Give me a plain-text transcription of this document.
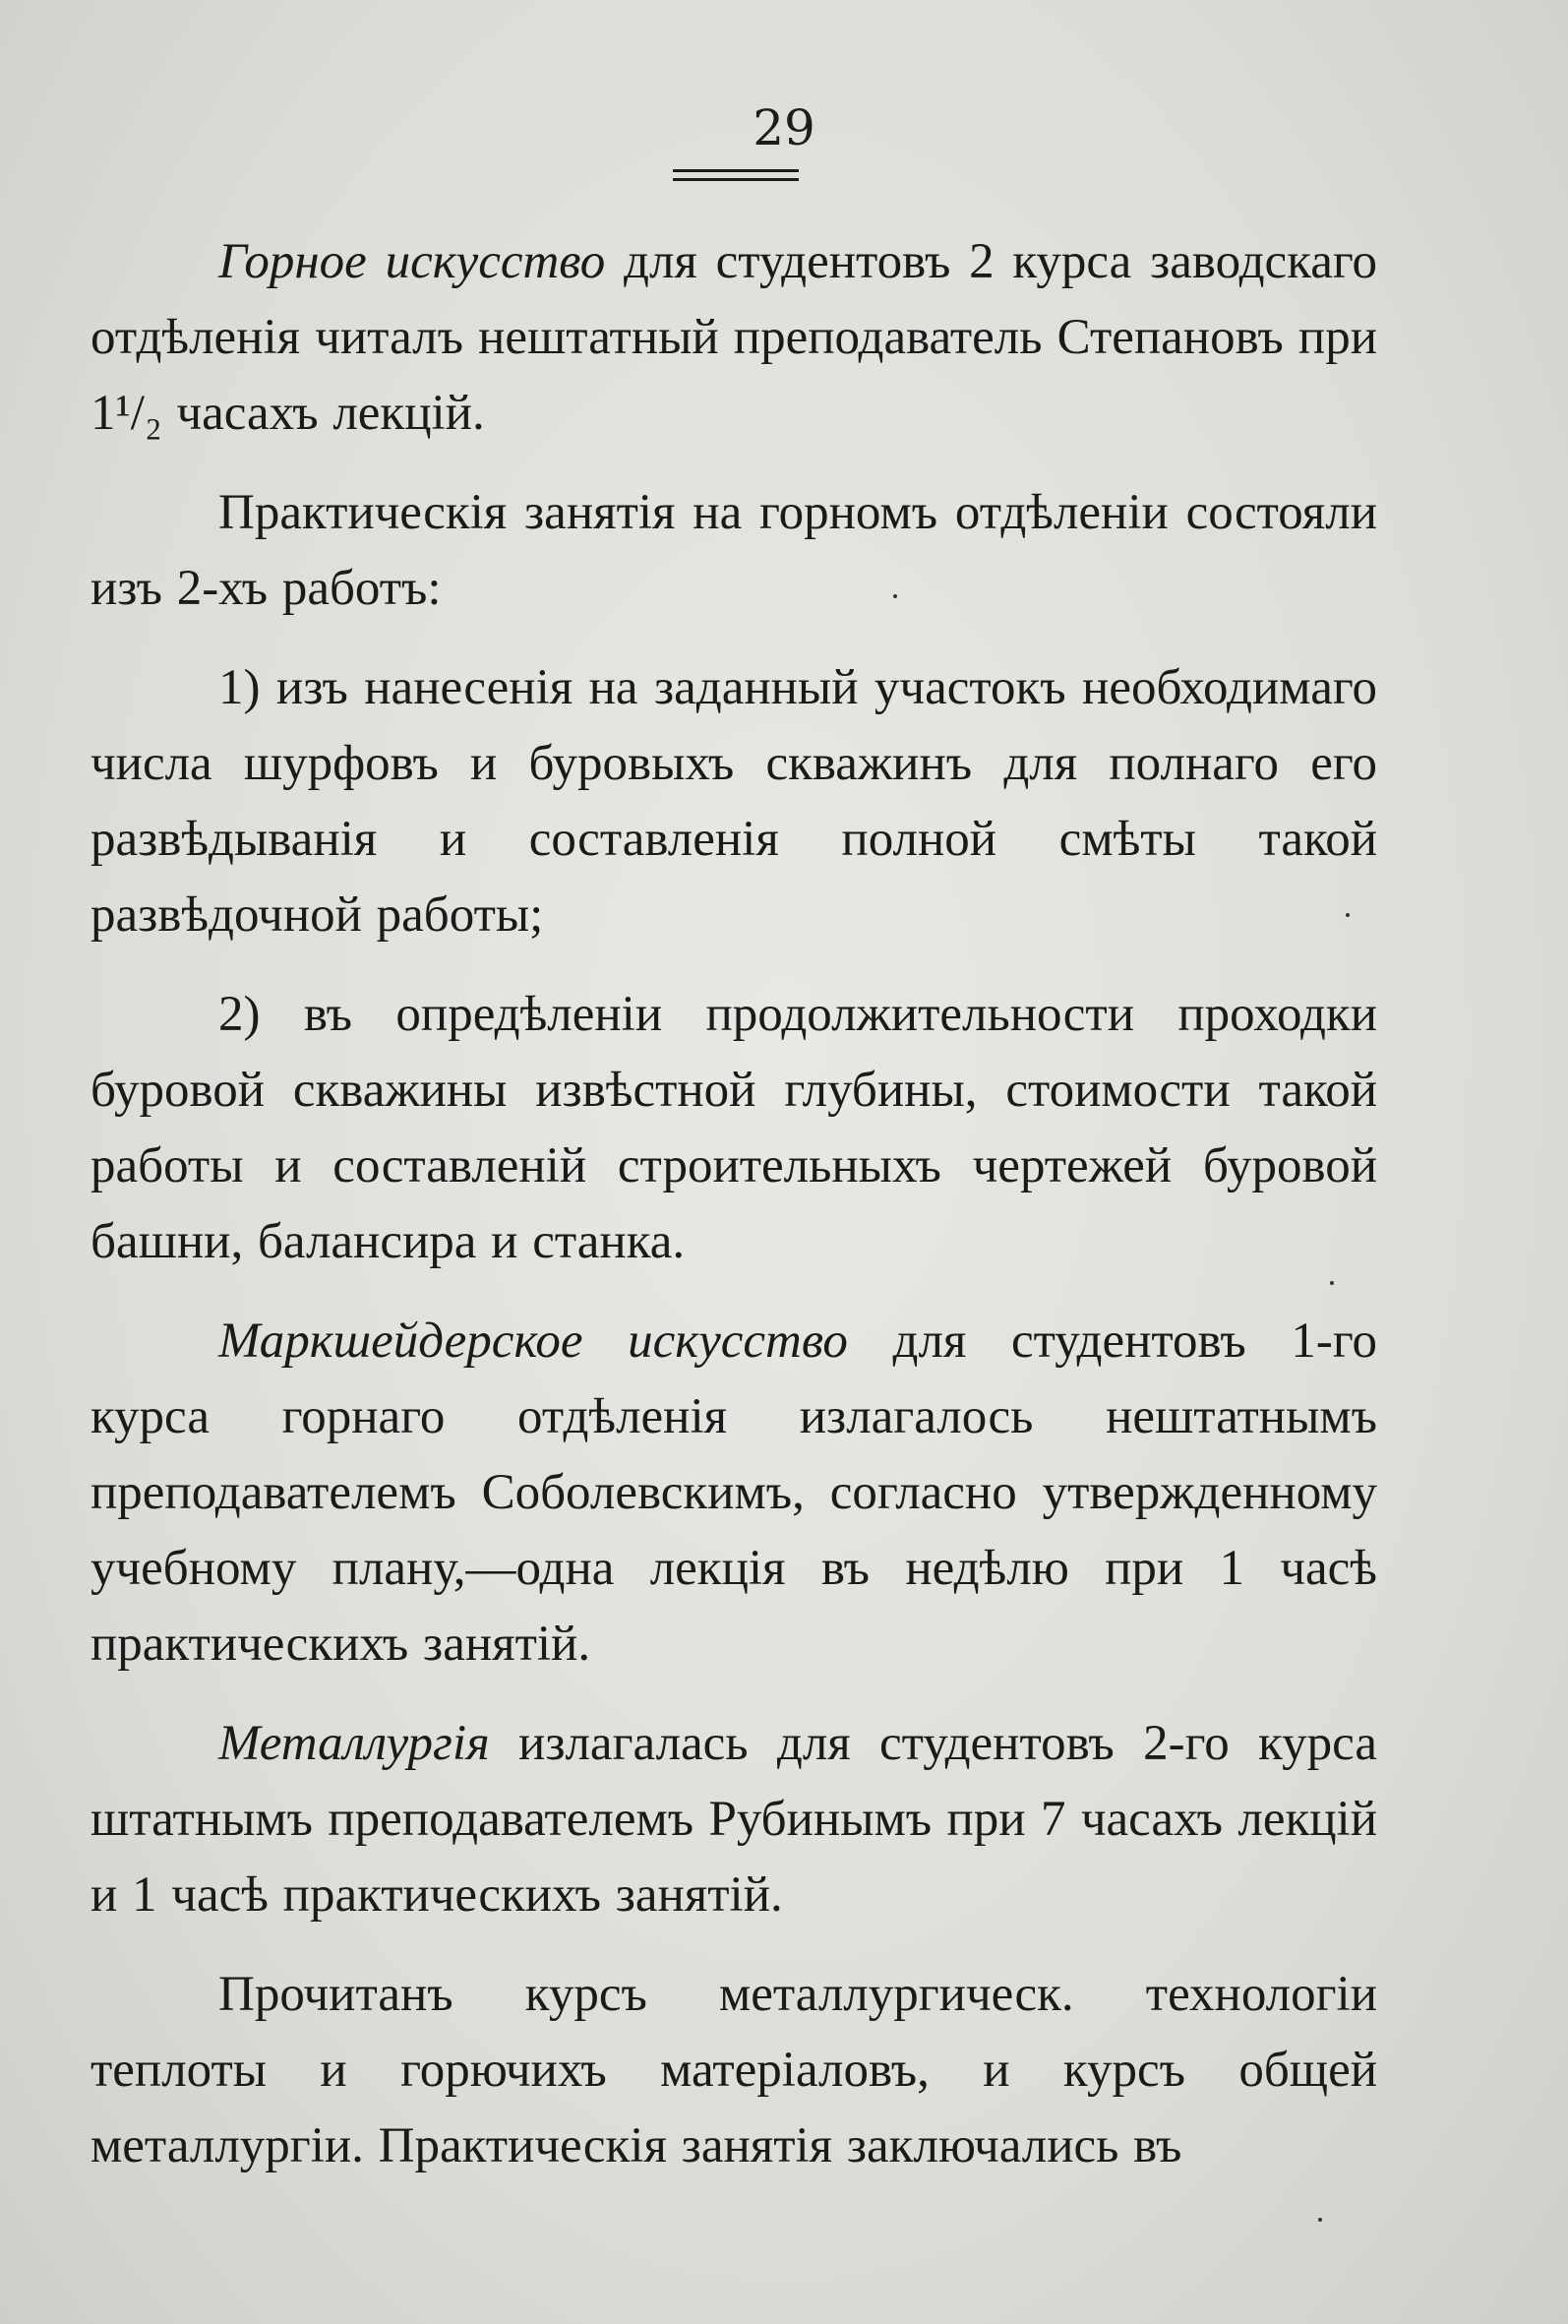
29

Горное искусство для студентовъ 2 курса заводскаго отдѣленія читалъ нештатный преподаватель Степановъ при 1¹/₂ часахъ лекцій.

Практическія занятія на горномъ отдѣленіи состояли изъ 2-хъ работъ:

1) изъ нанесенія на заданный участокъ необходимаго числа шурфовъ и буровыхъ скважинъ для полнаго его развѣдыванія и составленія полной смѣты такой развѣдочной работы;

2) въ опредѣленіи продолжительности проходки буровой скважины извѣстной глубины, стоимости такой работы и составленій строительныхъ чертежей буровой башни, балансира и станка.

Маркшейдерское искусство для студентовъ 1-го курса горнаго отдѣленія излагалось нештатнымъ преподавателемъ Соболевскимъ, согласно утвержденному учебному плану,—одна лекція въ недѣлю при 1 часѣ практическихъ занятій.

Металлургія излагалась для студентовъ 2-го курса штатнымъ преподавателемъ Рубинымъ при 7 часахъ лекцій и 1 часѣ практическихъ занятій.

Прочитанъ курсъ металлургическ. технологіи теплоты и горючихъ матеріаловъ, и курсъ общей металлургіи. Практическія занятія заключались въ
